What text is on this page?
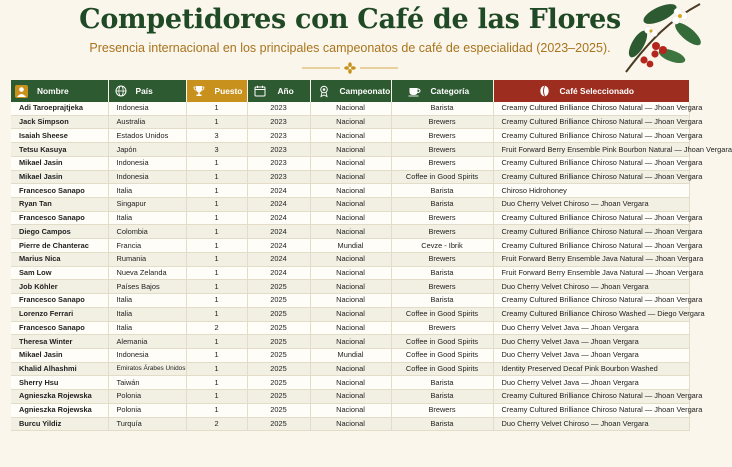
Competidores con Café de las Flores

Presencia internacional en los principales campeonatos de café de especialidad (2023–2025).

Nombre	País	Puesto	Año	Campeonato	Categoría	Café Seleccionado

Adi Taroeprajtjeka	Indonesia	1	2023	Nacional	Barista	Creamy Cultured Brilliance Chiroso Natural — Jhoan Vergara
Jack Simpson	Australia	1	2023	Nacional	Brewers	Creamy Cultured Brilliance Chiroso Natural — Jhoan Vergara
Isaiah Sheese	Estados Unidos	3	2023	Nacional	Brewers	Creamy Cultured Brilliance Chiroso Natural — Jhoan Vergara
Tetsu Kasuya	Japón	3	2023	Nacional	Brewers	Fruit Forward Berry Ensemble Pink Bourbon Natural — Jhoan Vergara
Mikael Jasin	Indonesia	1	2023	Nacional	Brewers	Creamy Cultured Brilliance Chiroso Natural — Jhoan Vergara
Mikael Jasin	Indonesia	1	2023	Nacional	Coffee in Good Spirits	Creamy Cultured Brilliance Chiroso Natural — Jhoan Vergara
Francesco Sanapo	Italia	1	2024	Nacional	Barista	Chiroso Hidrohoney
Ryan Tan	Singapur	1	2024	Nacional	Barista	Duo Cherry Velvet Chiroso — Jhoan Vergara
Francesco Sanapo	Italia	1	2024	Nacional	Brewers	Creamy Cultured Brilliance Chiroso Natural — Jhoan Vergara
Diego Campos	Colombia	1	2024	Nacional	Brewers	Creamy Cultured Brilliance Chiroso Natural — Jhoan Vergara
Pierre de Chanterac	Francia	1	2024	Mundial	Cevze - Ibrik	Creamy Cultured Brilliance Chiroso Natural — Jhoan Vergara
Marius Nica	Rumania	1	2024	Nacional	Brewers	Fruit Forward Berry Ensemble Java Natural — Jhoan Vergara
Sam Low	Nueva Zelanda	1	2024	Nacional	Barista	Fruit Forward Berry Ensemble Java Natural — Jhoan Vergara
Job Köhler	Países Bajos	1	2025	Nacional	Brewers	Duo Cherry Velvet Chiroso — Jhoan Vergara
Francesco Sanapo	Italia	1	2025	Nacional	Barista	Creamy Cultured Brilliance Chiroso Natural — Jhoan Vergara
Lorenzo Ferrari	Italia	1	2025	Nacional	Coffee in Good Spirits	Creamy Cultured Brilliance Chiroso Washed — Diego Vergara
Francesco Sanapo	Italia	2	2025	Nacional	Brewers	Duo Cherry Velvet Java — Jhoan Vergara
Theresa Winter	Alemania	1	2025	Nacional	Coffee in Good Spirits	Duo Cherry Velvet Java — Jhoan Vergara
Mikael Jasin	Indonesia	1	2025	Mundial	Coffee in Good Spirits	Duo Cherry Velvet Java — Jhoan Vergara
Khalid Alhashmi	Emiratos Árabes Unidos	1	2025	Nacional	Coffee in Good Spirits	Identity Preserved Decaf Pink Bourbon Washed
Sherry Hsu	Taiwán	1	2025	Nacional	Barista	Duo Cherry Velvet Java — Jhoan Vergara
Agnieszka Rojewska	Polonia	1	2025	Nacional	Barista	Creamy Cultured Brilliance Chiroso Natural — Jhoan Vergara
Agnieszka Rojewska	Polonia	1	2025	Nacional	Brewers	Creamy Cultured Brilliance Chiroso Natural — Jhoan Vergara
Burcu Yildiz	Turquía	2	2025	Nacional	Barista	Duo Cherry Velvet Chiroso — Jhoan Vergara
